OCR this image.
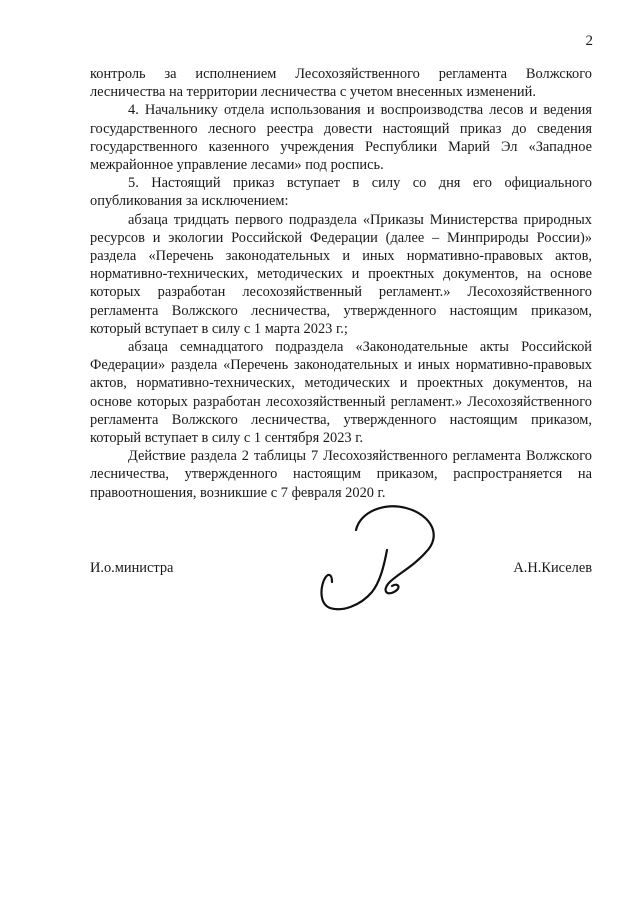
2

контроль за исполнением Лесохозяйственного регламента Волжского лесничества на территории лесничества с учетом внесенных изменений.

4. Начальнику отдела использования и воспроизводства лесов и ведения государственного лесного реестра довести настоящий приказ до сведения государственного казенного учреждения Республики Марий Эл «Западное межрайонное управление лесами» под роспись.

5. Настоящий приказ вступает в силу со дня его официального опубликования за исключением:

абзаца тридцать первого подраздела «Приказы Министерства природных ресурсов и экологии Российской Федерации (далее – Минприроды России)» раздела «Перечень законодательных и иных нормативно-правовых актов, нормативно-технических, методических и проектных документов, на основе которых разработан лесохозяйственный регламент.» Лесохозяйственного регламента Волжского лесничества, утвержденного настоящим приказом, который вступает в силу с 1 марта 2023 г.;

абзаца семнадцатого подраздела «Законодательные акты Российской Федерации» раздела «Перечень законодательных и иных нормативно-правовых актов, нормативно-технических, методических и проектных документов, на основе которых разработан лесохозяйственный регламент.» Лесохозяйственного регламента Волжского лесничества, утвержденного настоящим приказом, который вступает в силу с 1 сентября 2023 г.

Действие раздела 2 таблицы 7 Лесохозяйственного регламента Волжского лесничества, утвержденного настоящим приказом, распространяется на правоотношения, возникшие с 7 февраля 2020 г.

И.о.министра	А.Н.Киселев
